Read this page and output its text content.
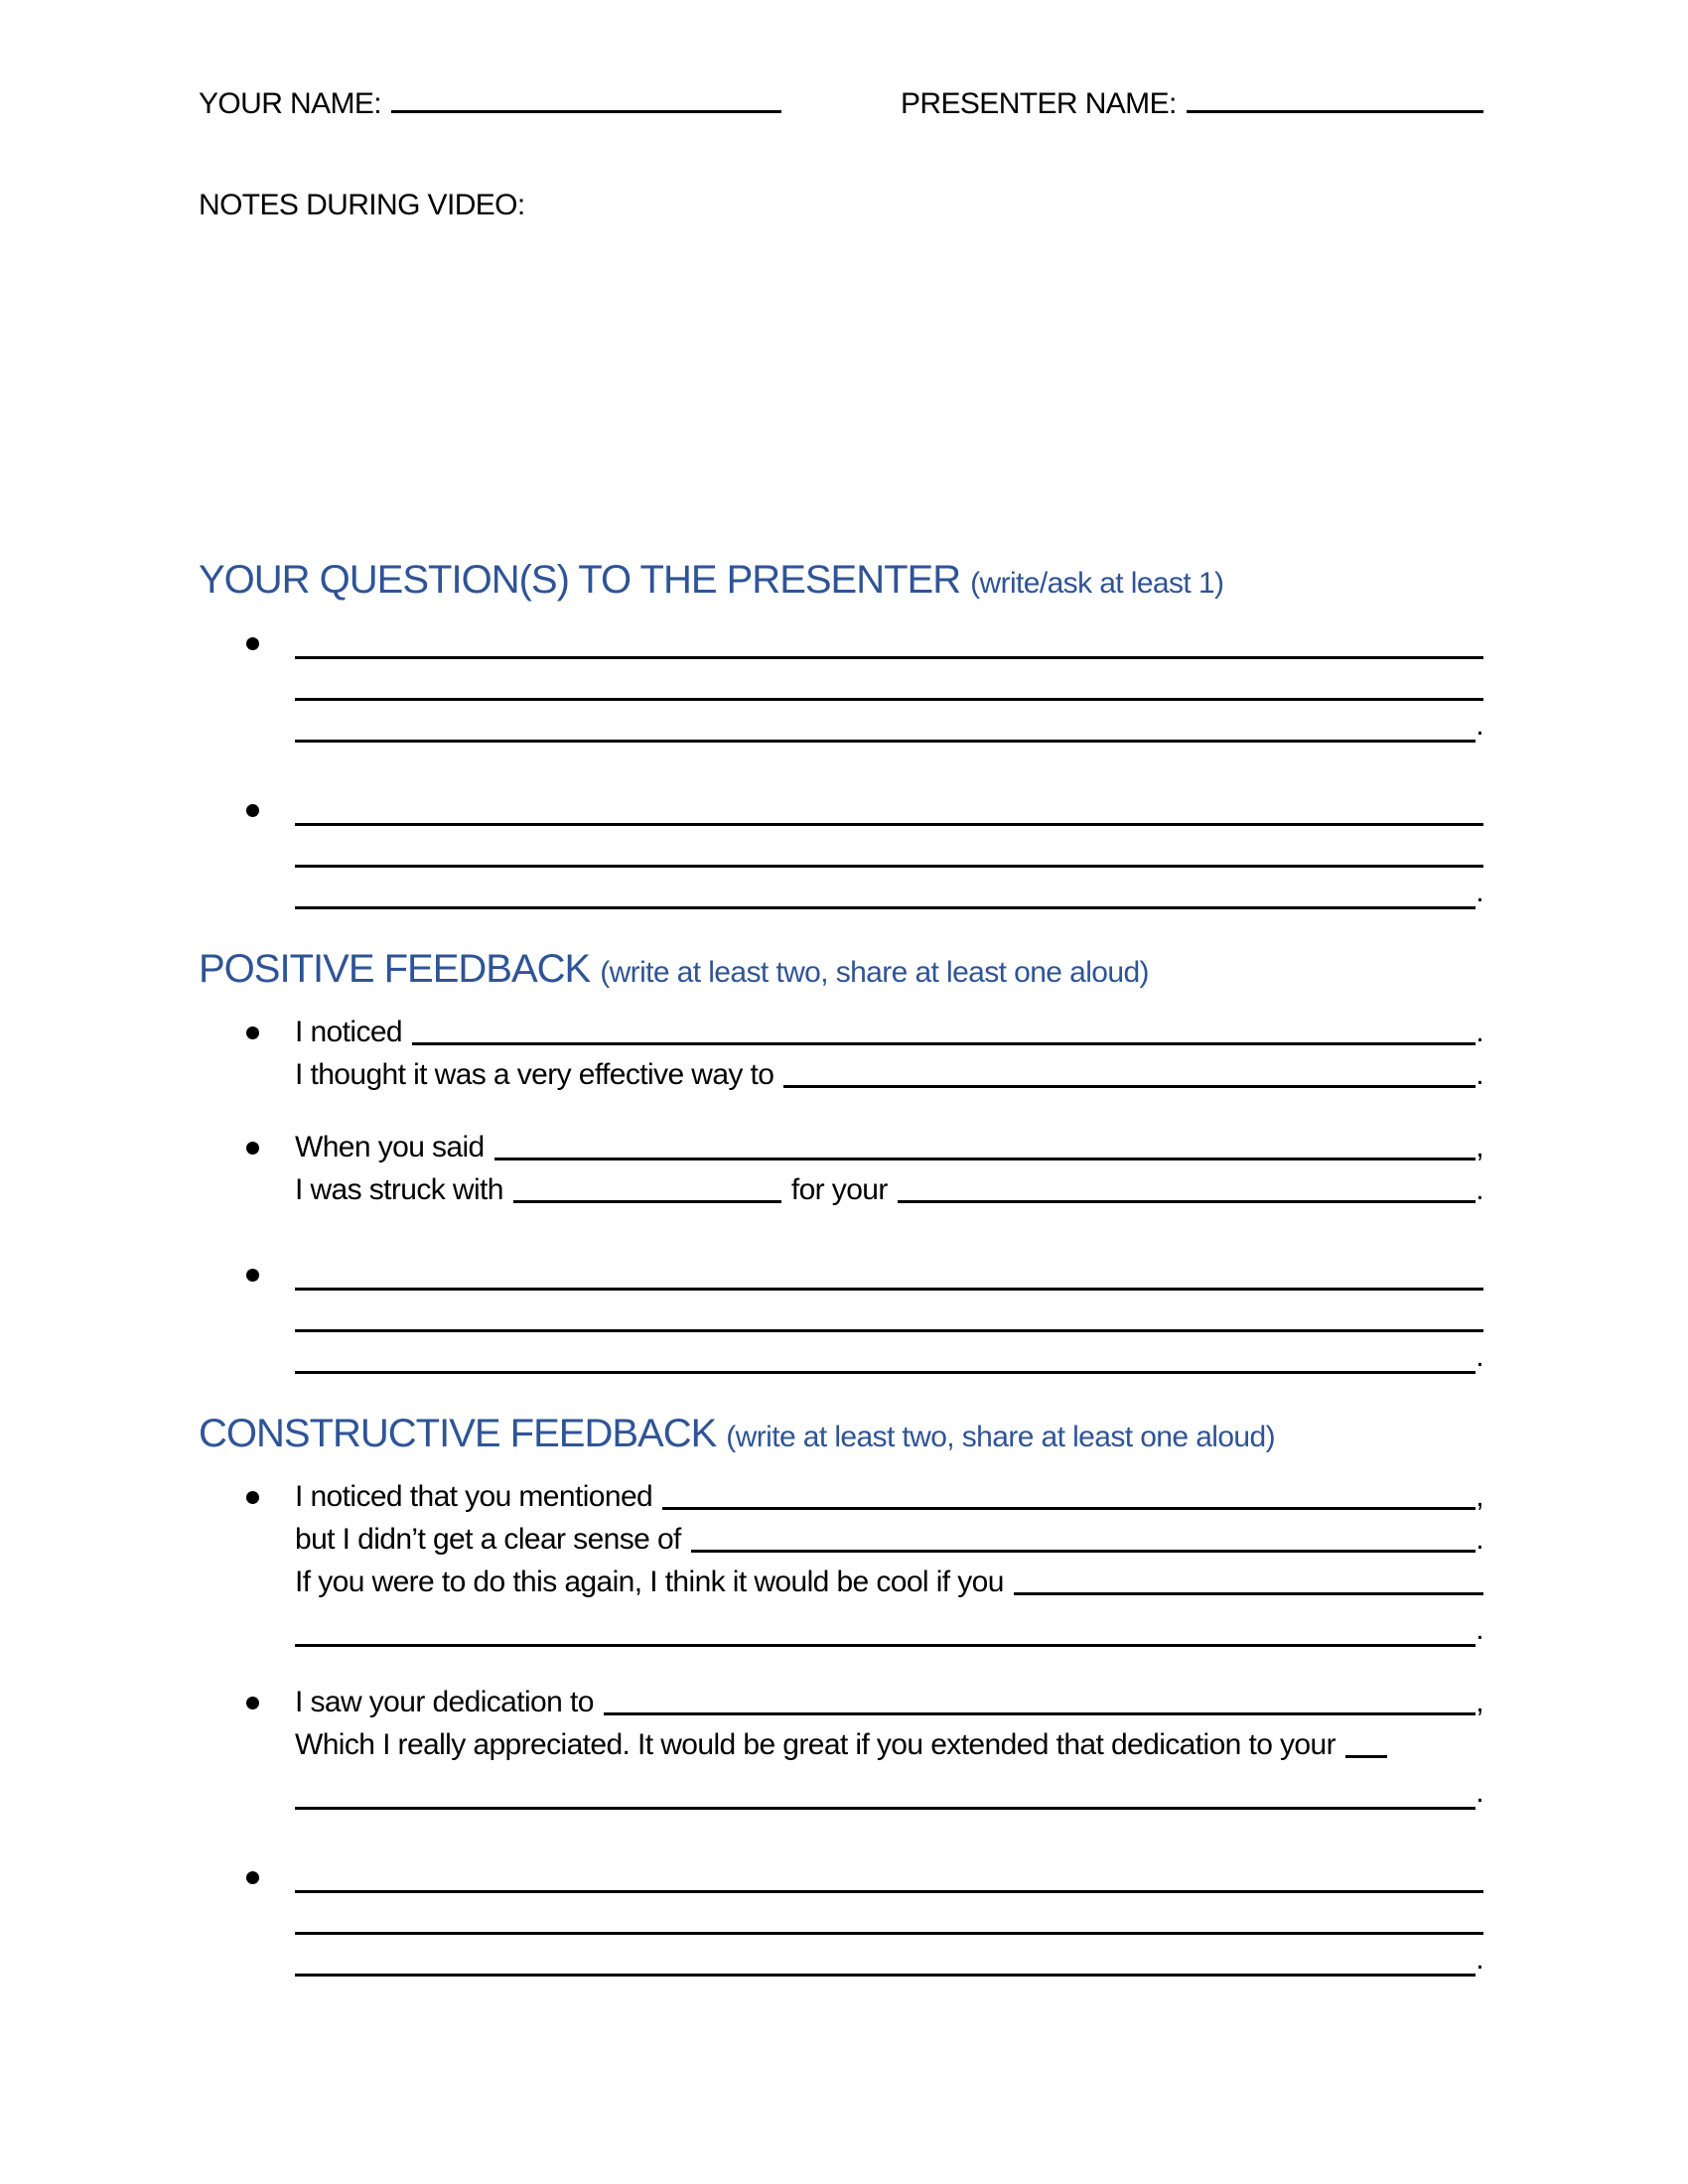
YOUR NAME:	PRESENTER NAME:
NOTES DURING VIDEO:
YOUR QUESTION(S) TO THE PRESENTER (write/ask at least 1)
.
.
POSITIVE FEEDBACK (write at least two, share at least one aloud)
I noticed	.
I thought it was a very effective way to	.
When you said	,
I was struck with	for your	.
.
CONSTRUCTIVE FEEDBACK (write at least two, share at least one aloud)
I noticed that you mentioned	,
but I didn’t get a clear sense of	.
If you were to do this again, I think it would be cool if you
.
I saw your dedication to	,
Which I really appreciated. It would be great if you extended that dedication to your
.
.
